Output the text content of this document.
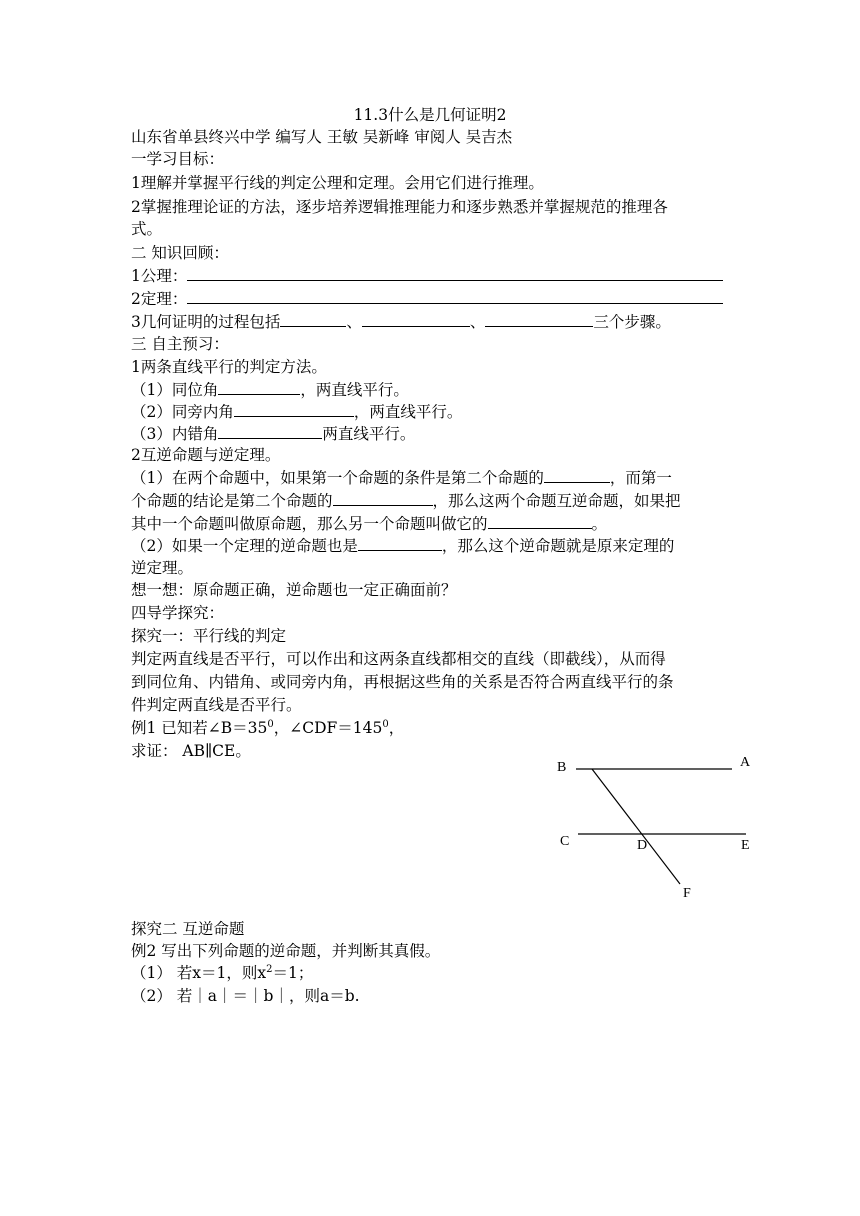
11.3什么是几何证明2

山东省单县终兴中学 编写人 王敏 吴新峰 审阅人 吴吉杰

一学习目标：

1理解并掌握平行线的判定公理和定理。会用它们进行推理。

2掌握推理论证的方法，逐步培养逻辑推理能力和逐步熟悉并掌握规范的推理各

式。

二 知识回顾：

1公理：

2定理：

3几何证明的过程包括	、	、	三个步骤。

三 自主预习：

1两条直线平行的判定方法。

（1）同位角	，两直线平行。

（2）同旁内角	，两直线平行。

（3）内错角	两直线平行。

2互逆命题与逆定理。

（1）在两个命题中，如果第一个命题的条件是第二个命题的	，而第一

个命题的结论是第二个命题的	，那么这两个命题互逆命题，如果把

其中一个命题叫做原命题，那么另一个命题叫做它的	。

（2）如果一个定理的逆命题也是	，那么这个逆命题就是原来定理的

逆定理。

想一想：原命题正确，逆命题也一定正确面前？

四导学探究：

探究一：平行线的判定

判定两直线是否平行，可以作出和这两条直线都相交的直线（即截线），从而得

到同位角、内错角、或同旁内角，再根据这些角的关系是否符合两直线平行的条

件判定两直线是否平行。

例1 已知若$\angle B=35^0$，$\angle CDF=145^0$，

求证： AB∥CE。

B	A
C	D	E
F

探究二 互逆命题

例2 写出下列命题的逆命题，并判断其真假。

（1） 若x＝1，则$x^2=1$；

（2） 若｜a｜＝｜b｜，则a＝b.
